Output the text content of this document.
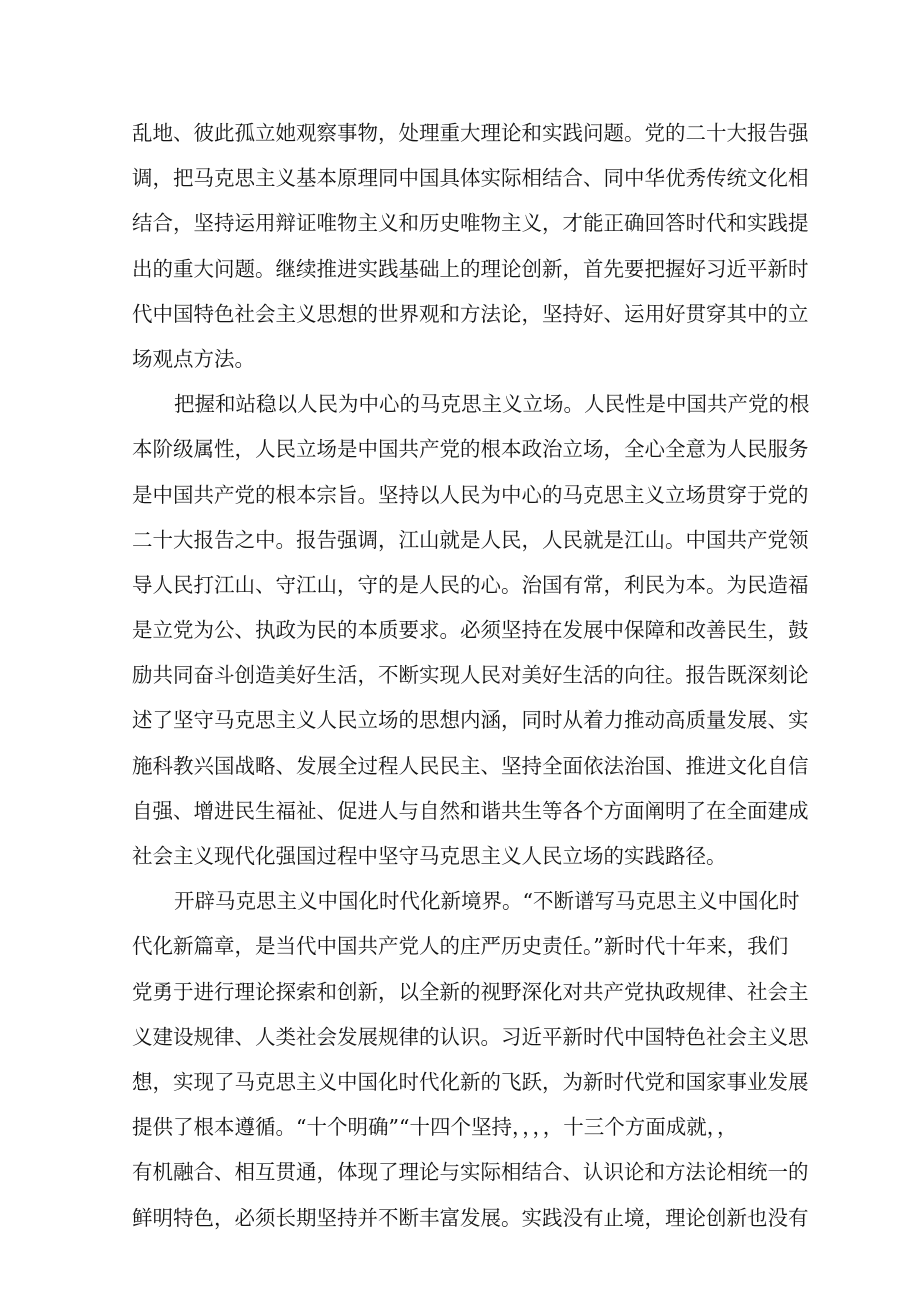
乱地、彼此孤立她观察事物，处理重大理论和实践问题。党的二十大报告强
调，把马克思主义基本原理同中国具体实际相结合、同中华优秀传统文化相
结合，坚持运用辩证唯物主义和历史唯物主义，才能正确回答时代和实践提
出的重大问题。继续推进实践基础上的理论创新，首先要把握好习近平新时
代中国特色社会主义思想的世界观和方法论，坚持好、运用好贯穿其中的立
场观点方法。
把握和站稳以人民为中心的马克思主义立场。人民性是中国共产党的根
本阶级属性，人民立场是中国共产党的根本政治立场，全心全意为人民服务
是中国共产党的根本宗旨。坚持以人民为中心的马克思主义立场贯穿于党的
二十大报告之中。报告强调，江山就是人民，人民就是江山。中国共产党领
导人民打江山、守江山，守的是人民的心。治国有常，利民为本。为民造福
是立党为公、执政为民的本质要求。必须坚持在发展中保障和改善民生，鼓
励共同奋斗创造美好生活，不断实现人民对美好生活的向往。报告既深刻论
述了坚守马克思主义人民立场的思想内涵，同时从着力推动高质量发展、实
施科教兴国战略、发展全过程人民民主、坚持全面依法治国、推进文化自信
自强、增进民生福祉、促进人与自然和谐共生等各个方面阐明了在全面建成
社会主义现代化强国过程中坚守马克思主义人民立场的实践路径。
开辟马克思主义中国化时代化新境界。“不断谱写马克思主义中国化时
代化新篇章，是当代中国共产党人的庄严历史责任。”新时代十年来，我们
党勇于进行理论探索和创新，以全新的视野深化对共产党执政规律、社会主
义建设规律、人类社会发展规律的认识。习近平新时代中国特色社会主义思
想，实现了马克思主义中国化时代化新的飞跃，为新时代党和国家事业发展
提供了根本遵循。“十个明确”“十四个坚持，，，，十三个方面成就，，
有机融合、相互贯通，体现了理论与实际相结合、认识论和方法论相统一的
鲜明特色，必须长期坚持并不断丰富发展。实践没有止境，理论创新也没有
